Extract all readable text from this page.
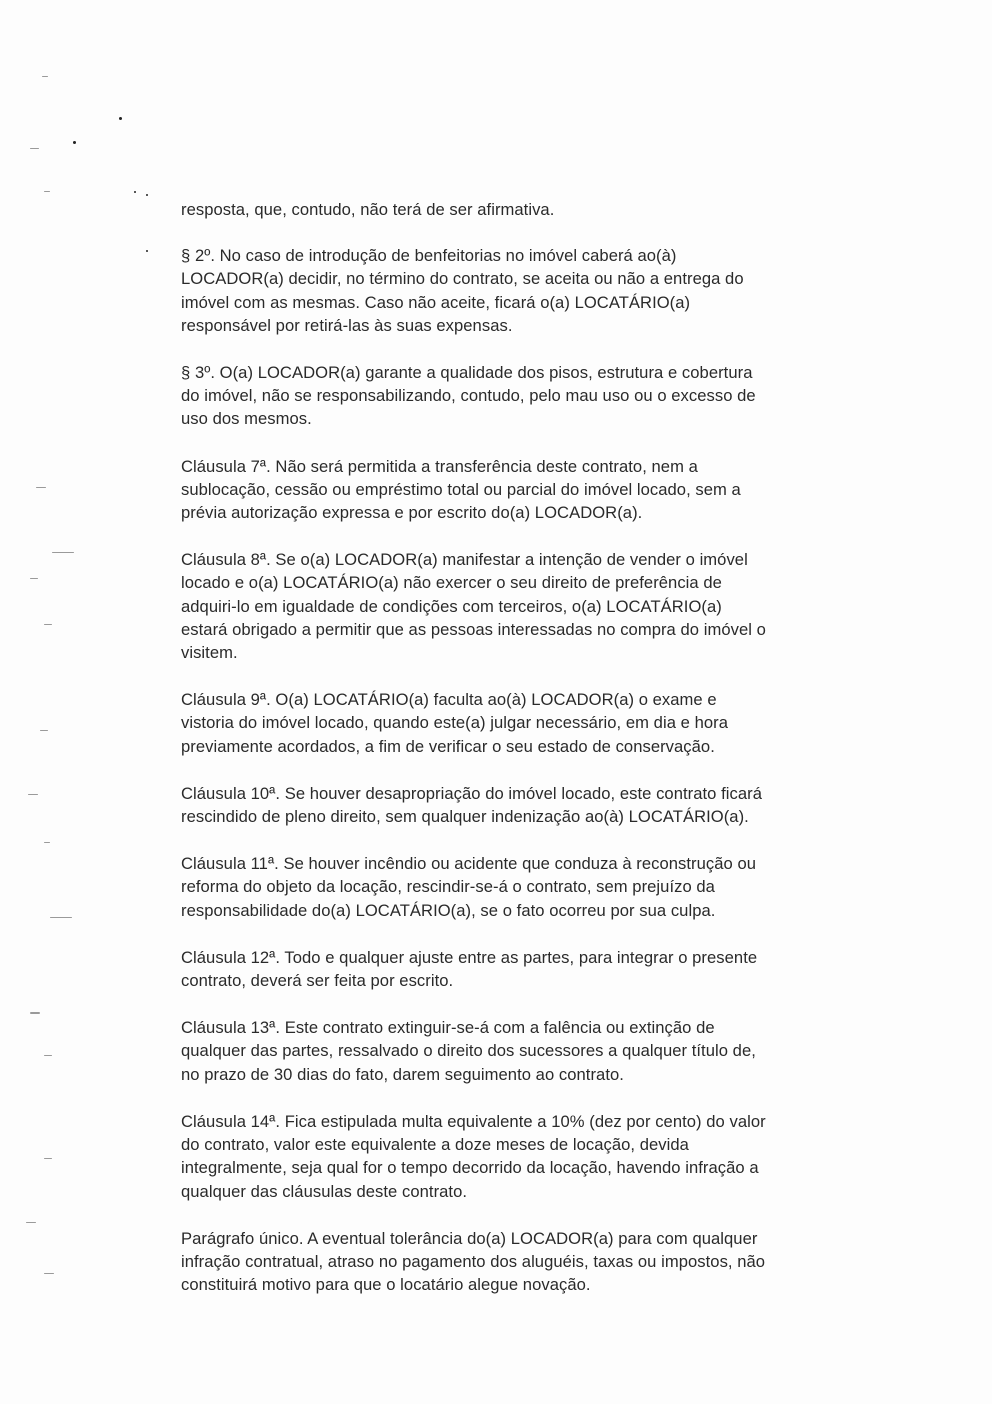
resposta, que, contudo, não terá de ser afirmativa.

§ 2º. No caso de introdução de benfeitorias no imóvel caberá ao(à)
LOCADOR(a) decidir, no término do contrato, se aceita ou não a entrega do
imóvel com as mesmas. Caso não aceite, ficará o(a) LOCATÁRIO(a)
responsável por retirá-las às suas expensas.

§ 3º. O(a) LOCADOR(a) garante a qualidade dos pisos, estrutura e cobertura
do imóvel, não se responsabilizando, contudo, pelo mau uso ou o excesso de
uso dos mesmos.

Cláusula 7ª. Não será permitida a transferência deste contrato, nem a
sublocação, cessão ou empréstimo total ou parcial do imóvel locado, sem a
prévia autorização expressa e por escrito do(a) LOCADOR(a).

Cláusula 8ª. Se o(a) LOCADOR(a) manifestar a intenção de vender o imóvel
locado e o(a) LOCATÁRIO(a) não exercer o seu direito de preferência de
adquiri-lo em igualdade de condições com terceiros, o(a) LOCATÁRIO(a)
estará obrigado a permitir que as pessoas interessadas no compra do imóvel o
visitem.

Cláusula 9ª. O(a) LOCATÁRIO(a) faculta ao(à) LOCADOR(a) o exame e
vistoria do imóvel locado, quando este(a) julgar necessário, em dia e hora
previamente acordados, a fim de verificar o seu estado de conservação.

Cláusula 10ª. Se houver desapropriação do imóvel locado, este contrato ficará
rescindido de pleno direito, sem qualquer indenização ao(à) LOCATÁRIO(a).

Cláusula 11ª. Se houver incêndio ou acidente que conduza à reconstrução ou
reforma do objeto da locação, rescindir-se-á o contrato, sem prejuízo da
responsabilidade do(a) LOCATÁRIO(a), se o fato ocorreu por sua culpa.

Cláusula 12ª. Todo e qualquer ajuste entre as partes, para integrar o presente
contrato, deverá ser feita por escrito.

Cláusula 13ª. Este contrato extinguir-se-á com a falência ou extinção de
qualquer das partes, ressalvado o direito dos sucessores a qualquer título de,
no prazo de 30 dias do fato, darem seguimento ao contrato.

Cláusula 14ª. Fica estipulada multa equivalente a 10% (dez por cento) do valor
do contrato, valor este equivalente a doze meses de locação, devida
integralmente, seja qual for o tempo decorrido da locação, havendo infração a
qualquer das cláusulas deste contrato.

Parágrafo único. A eventual tolerância do(a) LOCADOR(a) para com qualquer
infração contratual, atraso no pagamento dos aluguéis, taxas ou impostos, não
constituirá motivo para que o locatário alegue novação.
